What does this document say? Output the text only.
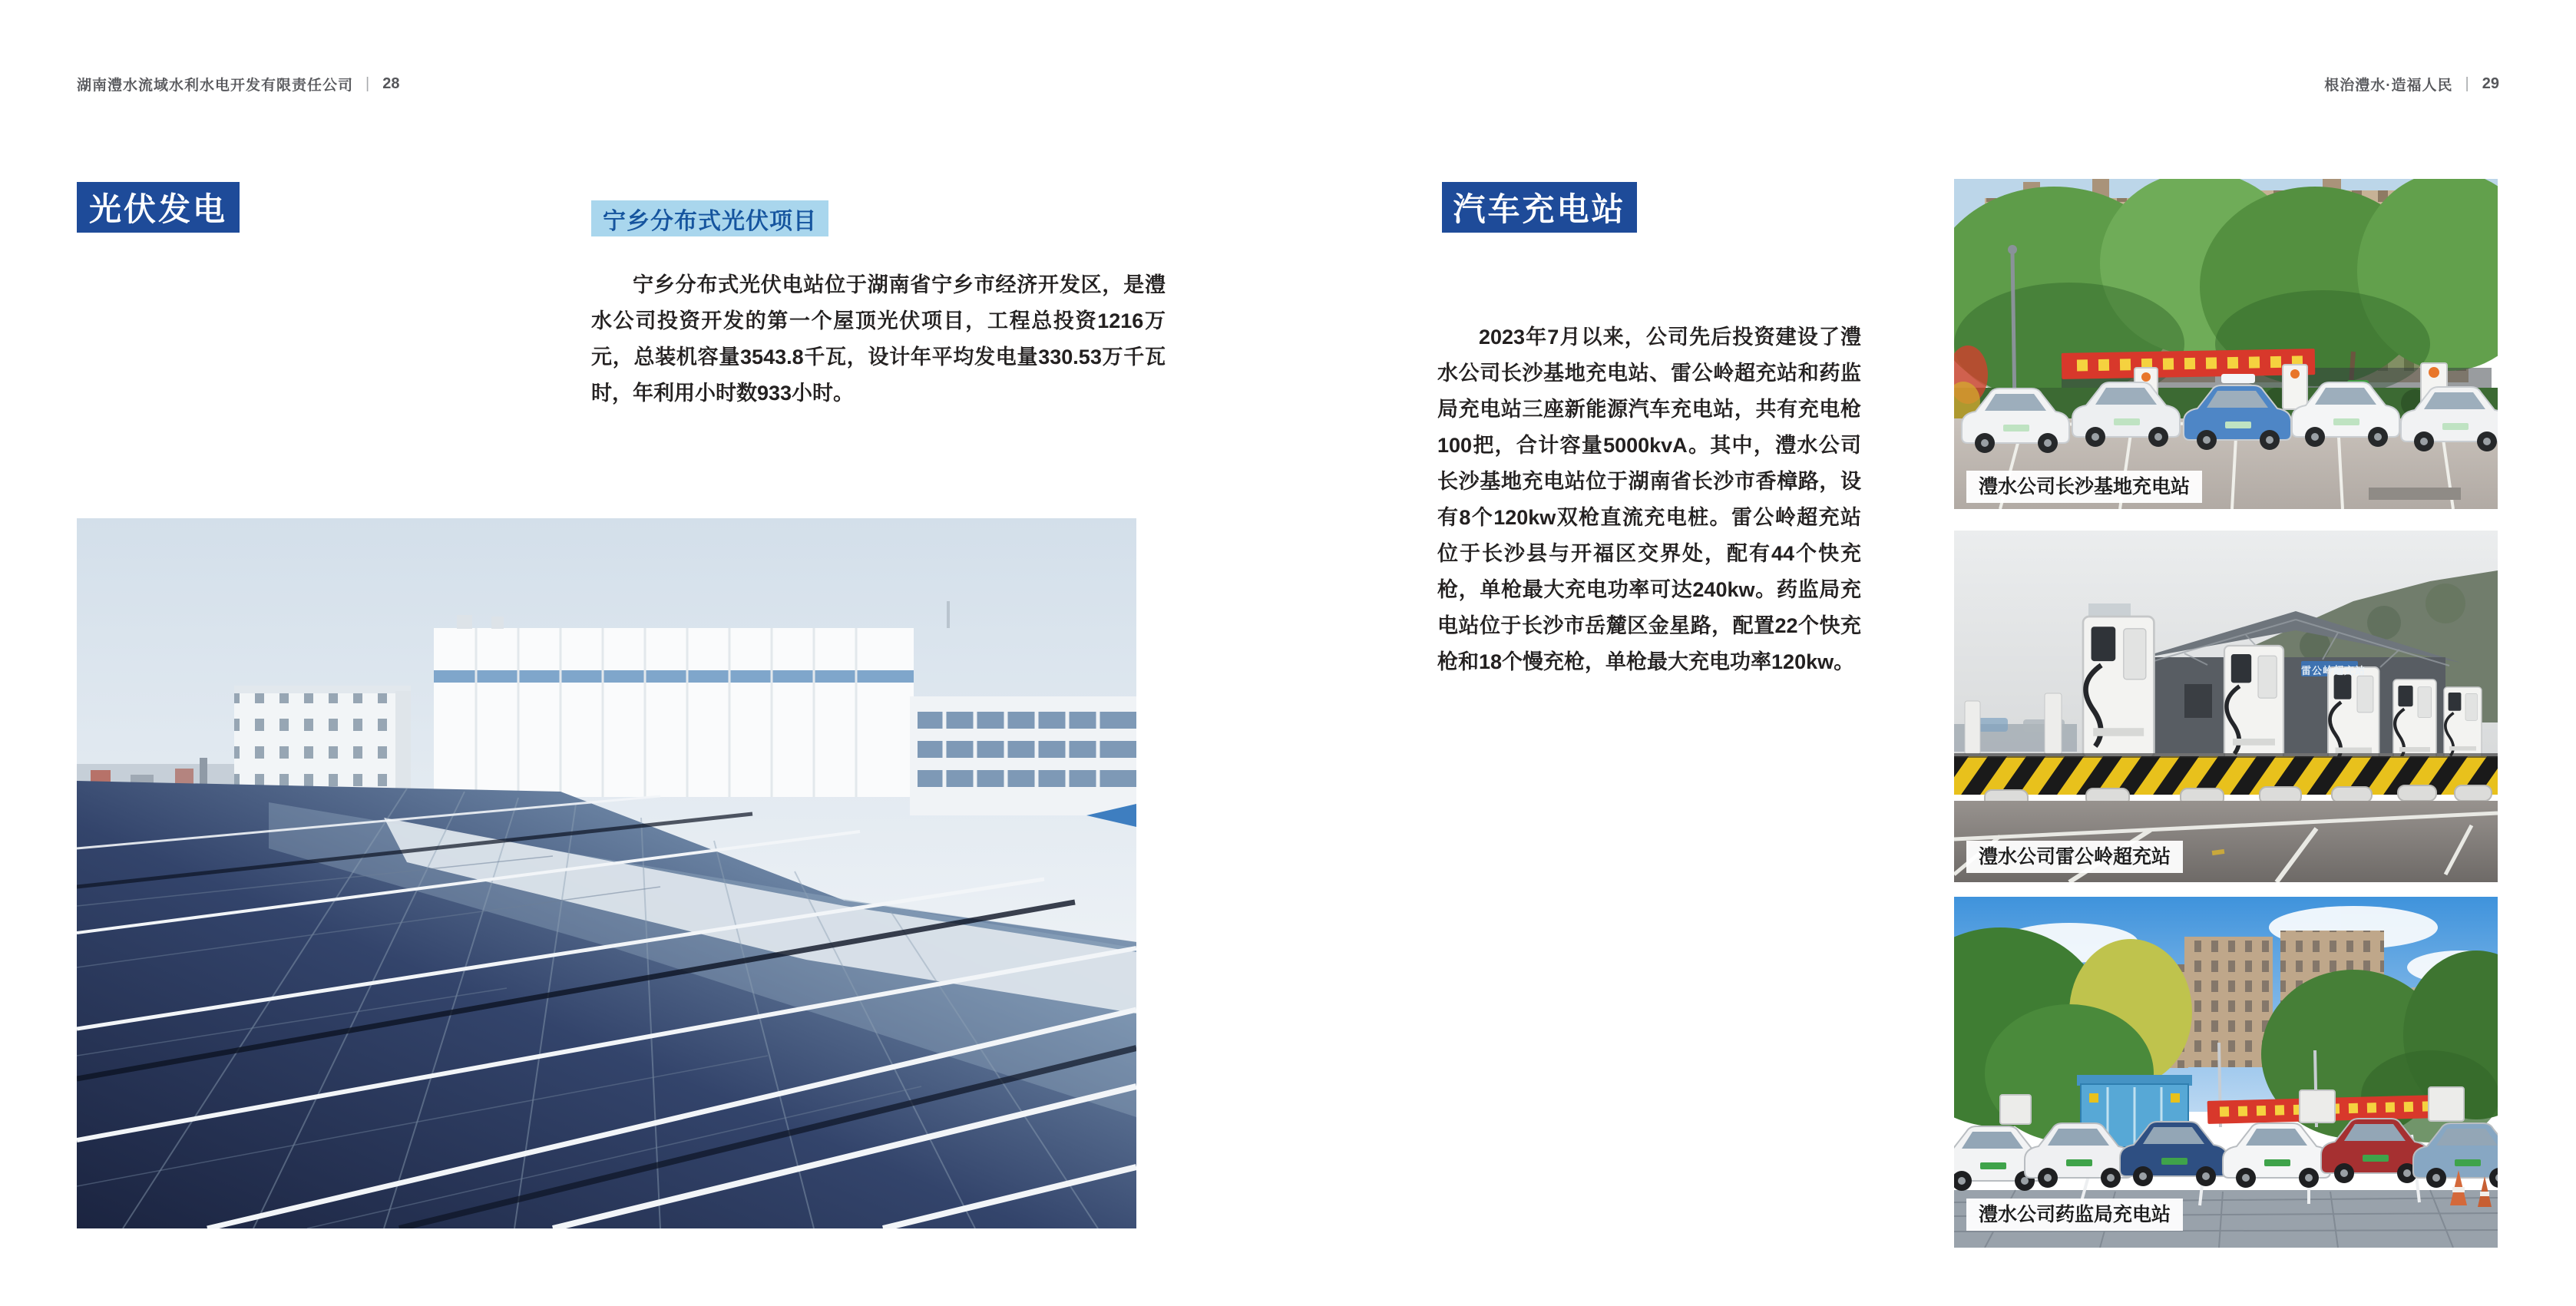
湖南澧水流域水利水电开发有限责任公司 | 28	根治澧水·造福人民 | 29
光伏发电	宁乡分布式光伏项目

宁乡分布式光伏电站位于湖南省宁乡市经济开发区，是澧水公司投资开发的第一个屋顶光伏项目，工程总投资1216万元，总装机容量3543.8千瓦，设计年平均发电量330.53万千瓦时，年利用小时数933小时。

汽车充电站

2023年7月以来，公司先后投资建设了澧水公司长沙基地充电站、雷公岭超充站和药监局充电站三座新能源汽车充电站，共有充电枪100把，合计容量5000kvA。其中，澧水公司长沙基地充电站位于湖南省长沙市香樟路，设有8个120kw双枪直流充电桩。雷公岭超充站位于长沙县与开福区交界处，配有44个快充枪，单枪最大充电功率可达240kw。药监局充电站位于长沙市岳麓区金星路，配置22个快充枪和18个慢充枪，单枪最大充电功率120kw。

澧水公司长沙基地充电站
雷公岭超充站
澧水公司雷公岭超充站
澧水公司药监局充电站
